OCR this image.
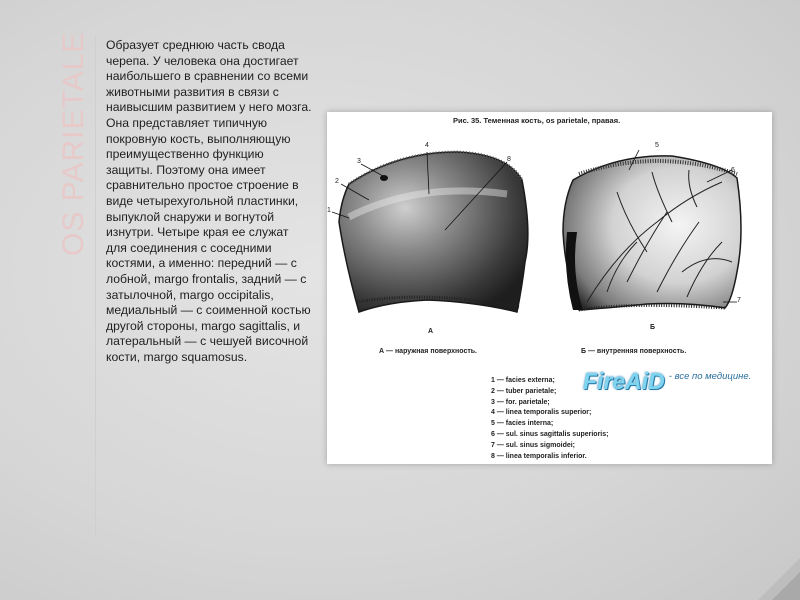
OS PARIETALE	Образует среднюю часть свода черепа. У человека она достигает наибольшего в сравнении со всеми животными развития в связи с наивысшим развитием у него мозга. Она представляет типичную покровную кость, выполняющую преимущественно функцию защиты. Поэтому она имеет сравнительно простое строение в виде четырехугольной пластинки, выпуклой снаружи и вогнутой изнутри. Четыре края ее служат для соединения с соседними костями, а именно: передний — с лобной, margo frontalis, задний — с затылочной, margo occipitalis, медиальный — с соименной костью другой стороны, margo sagittalis, и латеральный — с чешуей височной кости, margo squamosus.

Рис. 35. Теменная кость, os parietale, правая.
3
4
8
2
1
5
6
7
А
Б
А — наружная поверхность.	Б — внутренняя поверхность.
1 — facies externa;
2 — tuber parietale;
3 — for. parietale;
4 — linea temporalis superior;
5 — facies interna;
6 — sul. sinus sagittalis superioris;
7 — sul. sinus sigmoidei;
8 — linea temporalis inferior.
FireAiD - все по медицине.
